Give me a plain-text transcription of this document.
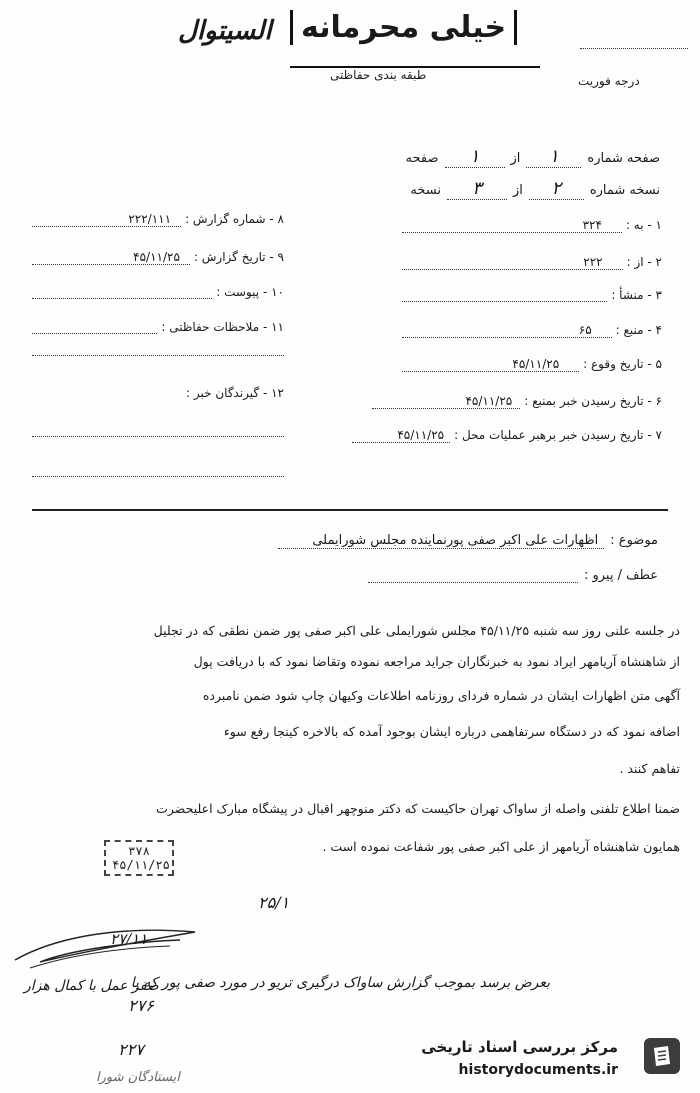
السیتوال خیلی محرمانه
طبقه بندی حفاظتی	درجه فوریت
صفحه شماره
۱
از
۱
صفحه
نسخه شماره
۲
از
۳
نسخه
۱ - به :
۳۲۴
۲ - از :
۲۲۲
۳ - منشأ :
۴ - منبع :
۶۵
۵ - تاریخ وقوع :
۴۵/۱۱/۲۵
۶ - تاریخ رسیدن خبر بمنبع :
۴۵/۱۱/۲۵
۷ - تاریخ رسیدن خبر برهبر عملیات محل :
۴۵/۱۱/۲۵
۸ - شماره گزارش :
۲۲۲/۱۱۱
۹ - تاریخ گزارش :
۴۵/۱۱/۲۵
۱۰ - پیوست :
۱۱ - ملاحظات حفاظتی :
۱۲ - گیرندگان خبر :
موضوع :
اظهارات علی اکبر صفی پورنماینده مجلس شورایملی
عطف / پیرو :
در جلسه علنی روز سه شنبه ۴۵/۱۱/۲۵ مجلس شورایملی علی اکبر صفی پور ضمن نطقی که در تجلیل
از شاهنشاه آریامهر ایراد نمود به خبرنگاران جراید مراجعه نموده وتقاضا نمود که با دریافت پول
آگهی متن اظهارات ایشان در شماره فردای روزنامه اطلاعات وکیهان چاپ شود ضمن نامبرده
اضافه نمود که در دستگاه سرتفاهمی درباره ایشان بوجود آمده که بالاخره کینجا رفع سوء
تفاهم کنند .
ضمنا اطلاع تلفنی واصله از ساواک تهران حاکیست که دکتر منوچهر اقبال در پیشگاه مبارک اعلیحضرت
همایون شاهنشاه آریامهر از علی اکبر صفی پور شفاعت نموده است .
۳۷۸
۴۵/۱۱/۲۵
۲۵/۱
۲۷/۱۱
بعرض برسد بموجب گزارش ساواک درگیری تریو در مورد صفی پور که با
صفر عمل با کمال هزار
۲۷۶
۲۲۷
ایستادگان شورا
مرکز بررسی اسناد تاریخی
historydocuments.ir
